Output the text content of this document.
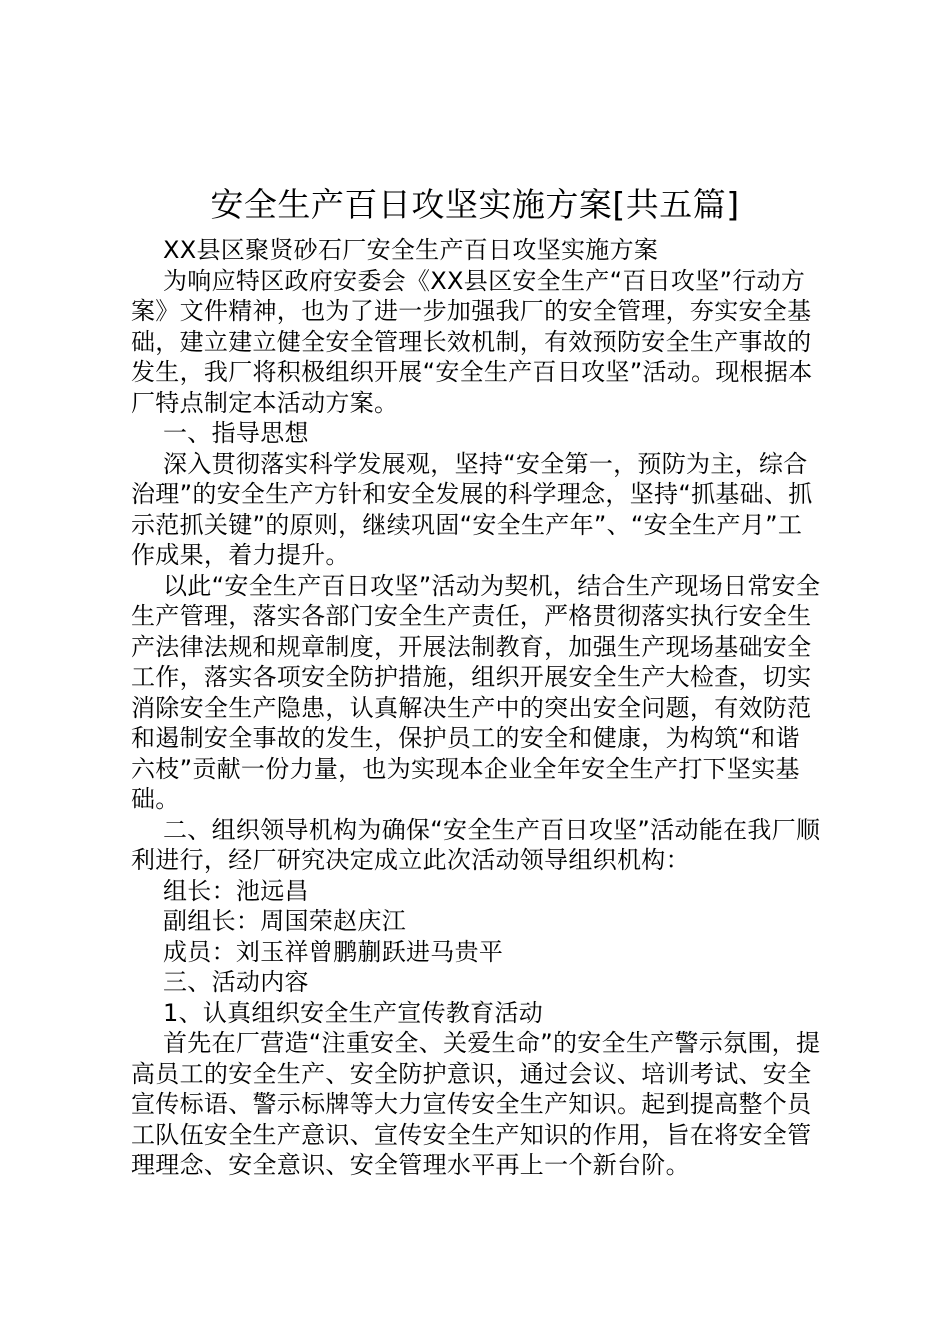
安全生产百日攻坚实施方案[共五篇]

XX县区聚贤砂石厂安全生产百日攻坚实施方案

为响应特区政府安委会《XX县区安全生产“百日攻坚”行动方案》文件精神，也为了进一步加强我厂的安全管理，夯实安全基础，建立建立健全安全管理长效机制，有效预防安全生产事故的发生，我厂将积极组织开展“安全生产百日攻坚”活动。现根据本厂特点制定本活动方案。

一、指导思想

深入贯彻落实科学发展观，坚持“安全第一，预防为主，综合治理”的安全生产方针和安全发展的科学理念，坚持“抓基础、抓示范抓关键”的原则，继续巩固“安全生产年”、“安全生产月”工作成果，着力提升。

以此“安全生产百日攻坚”活动为契机，结合生产现场日常安全生产管理，落实各部门安全生产责任，严格贯彻落实执行安全生产法律法规和规章制度，开展法制教育，加强生产现场基础安全工作，落实各项安全防护措施，组织开展安全生产大检查，切实消除安全生产隐患，认真解决生产中的突出安全问题，有效防范和遏制安全事故的发生，保护员工的安全和健康，为构筑“和谐六枝”贡献一份力量，也为实现本企业全年安全生产打下坚实基础。

二、组织领导机构为确保“安全生产百日攻坚”活动能在我厂顺利进行，经厂研究决定成立此次活动领导组织机构：

组长：池远昌

副组长：周国荣赵庆江

成员：刘玉祥曾鹏蒯跃进马贵平

三、活动内容

1、认真组织安全生产宣传教育活动

首先在厂营造“注重安全、关爱生命”的安全生产警示氛围，提高员工的安全生产、安全防护意识，通过会议、培训考试、安全宣传标语、警示标牌等大力宣传安全生产知识。起到提高整个员工队伍安全生产意识、宣传安全生产知识的作用，旨在将安全管理理念、安全意识、安全管理水平再上一个新台阶。
